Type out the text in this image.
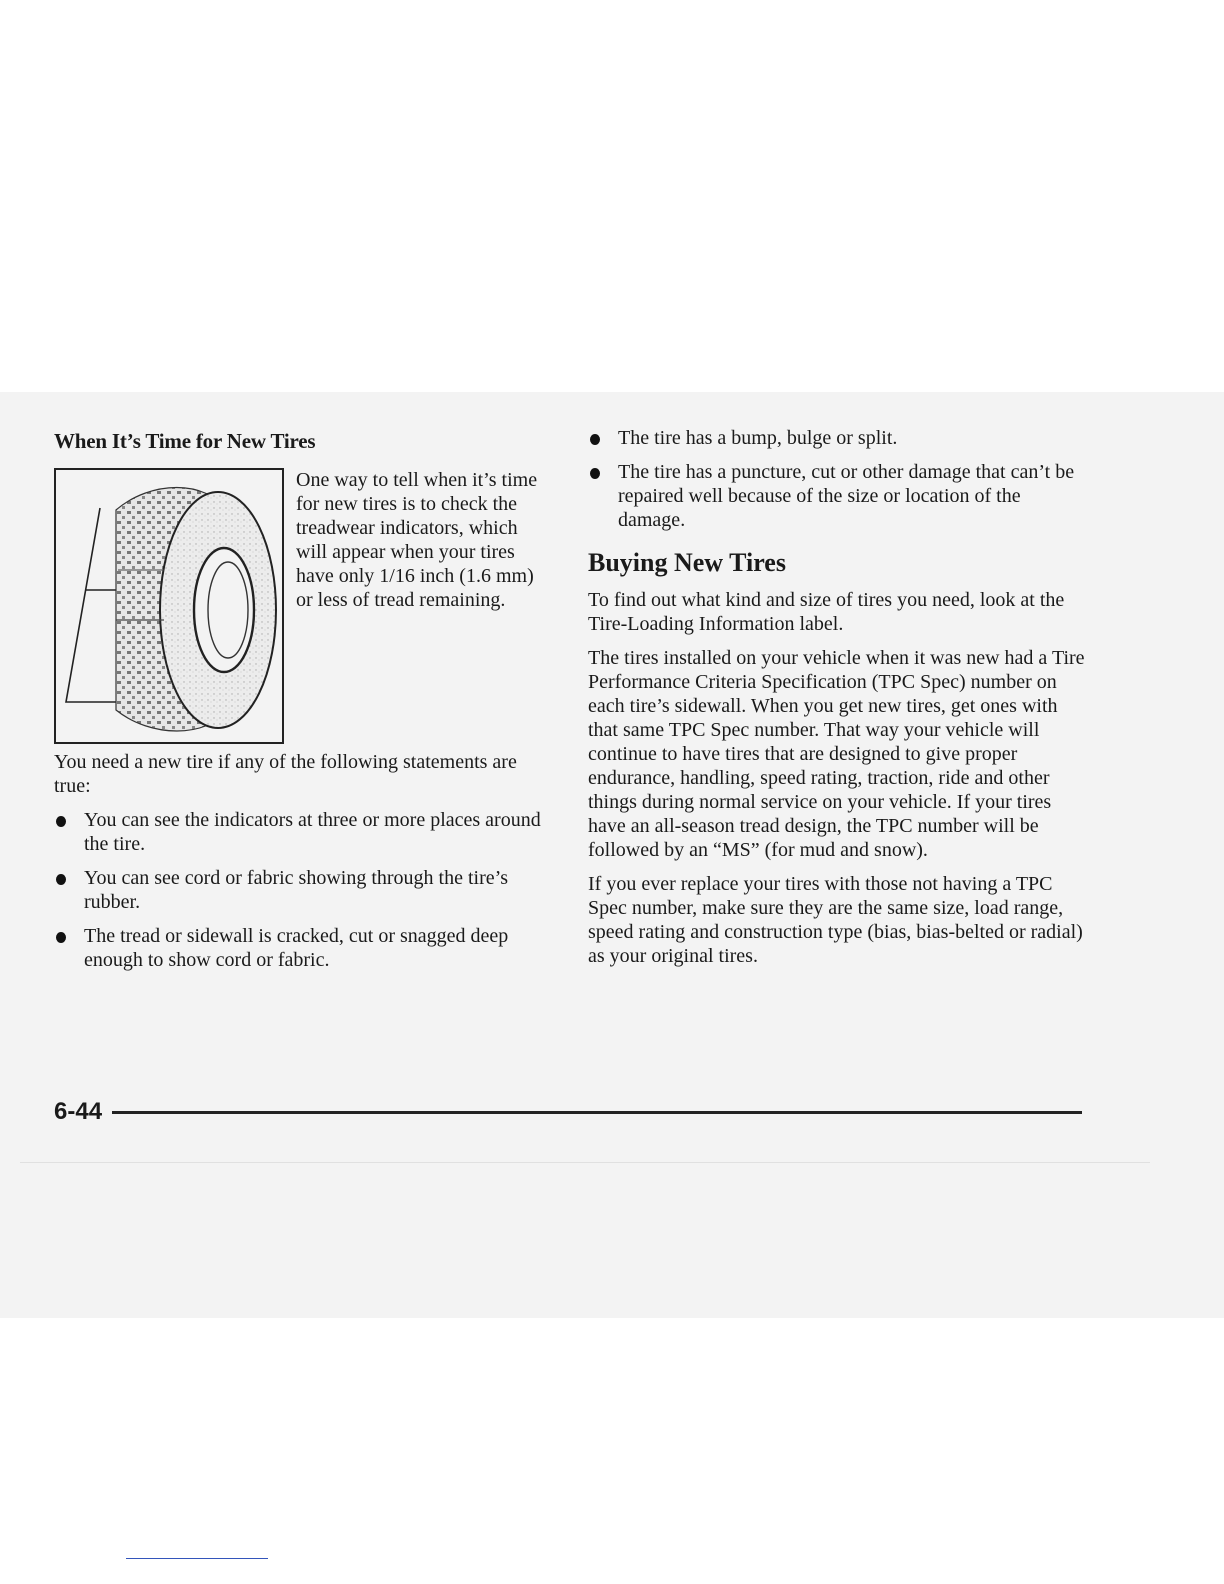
When It’s Time for New Tires

One way to tell when it’s time for new tires is to check the treadwear indicators, which will appear when your tires have only 1/16 inch (1.6 mm) or less of tread remaining.

You need a new tire if any of the following statements are true:

You can see the indicators at three or more places around the tire.
You can see cord or fabric showing through the tire’s rubber.
The tread or sidewall is cracked, cut or snagged deep enough to show cord or fabric.
The tire has a bump, bulge or split.
The tire has a puncture, cut or other damage that can’t be repaired well because of the size or location of the damage.
Buying New Tires

To find out what kind and size of tires you need, look at the Tire-Loading Information label.

The tires installed on your vehicle when it was new had a Tire Performance Criteria Specification (TPC Spec) number on each tire’s sidewall. When you get new tires, get ones with that same TPC Spec number. That way your vehicle will continue to have tires that are designed to give proper endurance, handling, speed rating, traction, ride and other things during normal service on your vehicle. If your tires have an all-season tread design, the TPC number will be followed by an “MS” (for mud and snow).

If you ever replace your tires with those not having a TPC Spec number, make sure they are the same size, load range, speed rating and construction type (bias, bias-belted or radial) as your original tires.

6-44
